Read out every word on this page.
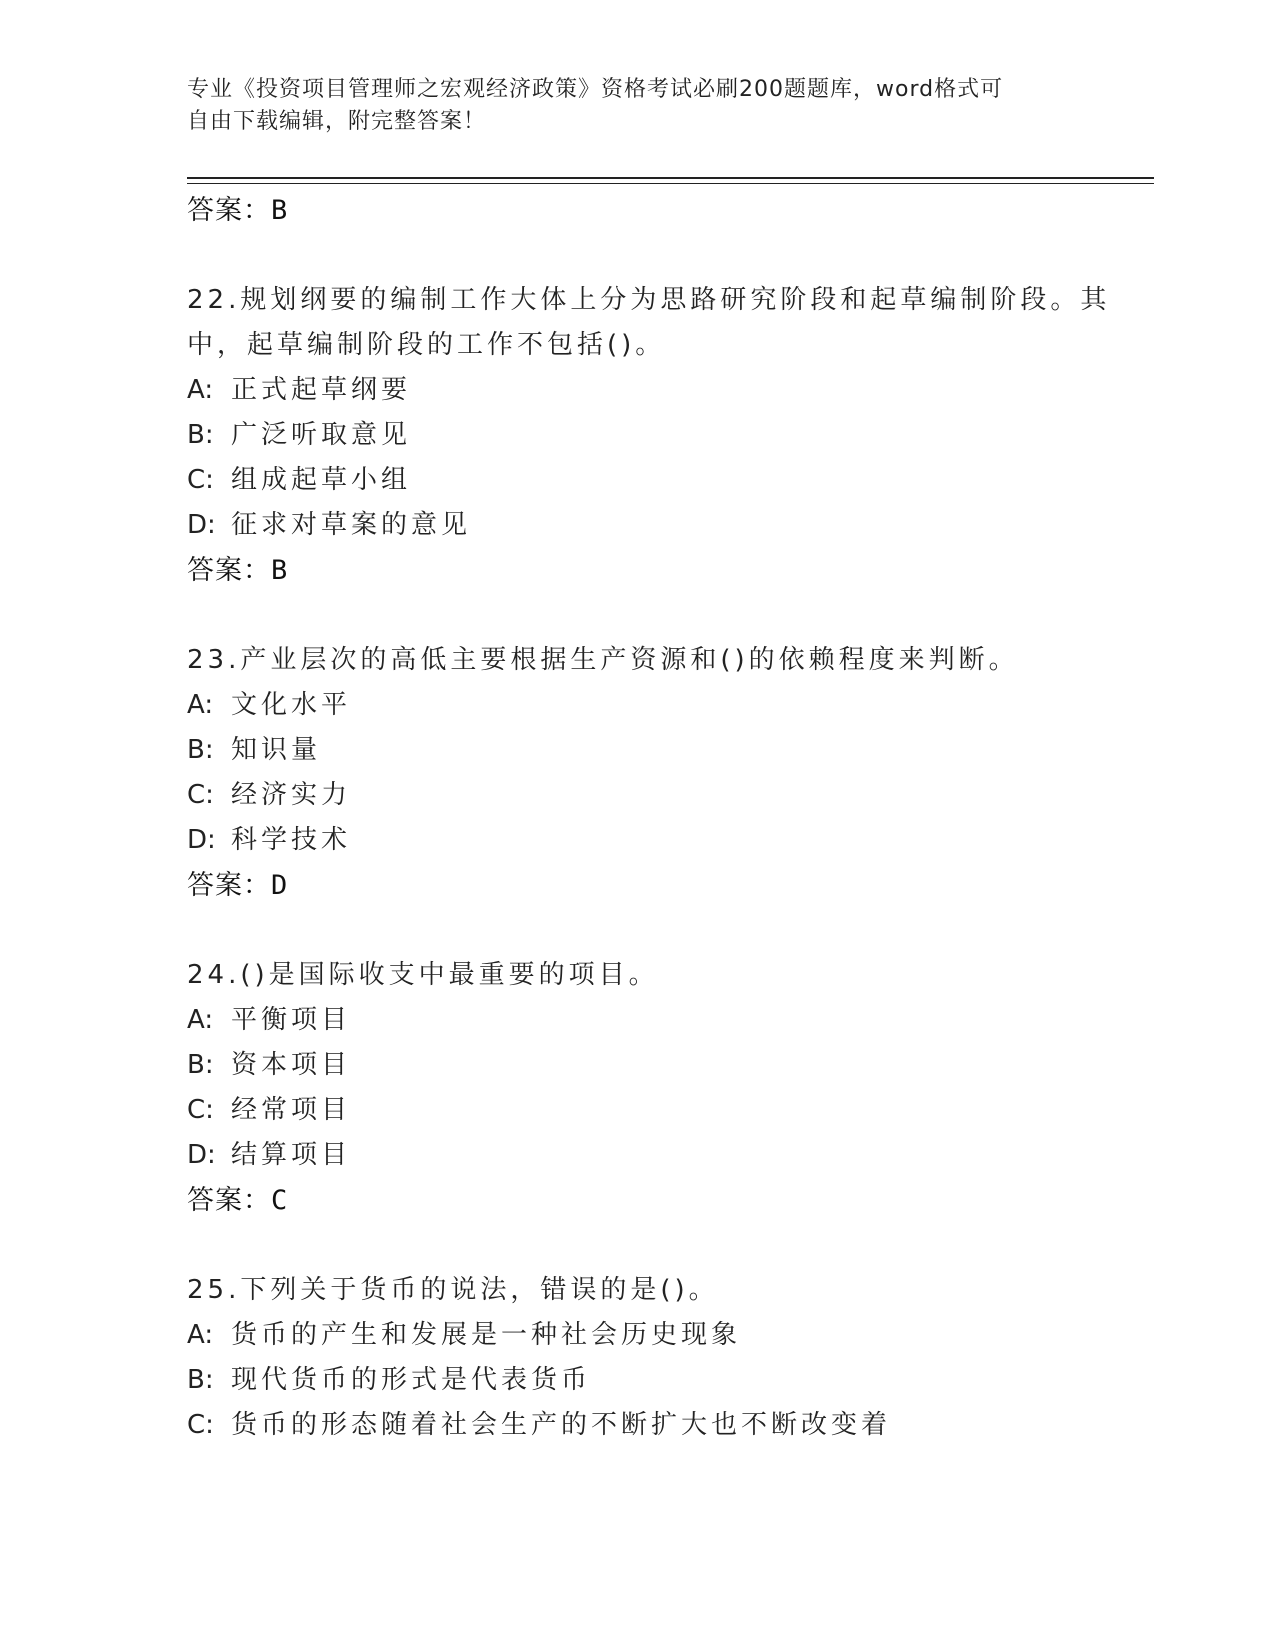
专业《投资项目管理师之宏观经济政策》资格考试必刷200题题库，word格式可
自由下载编辑，附完整答案！
答案：B
22.规划纲要的编制工作大体上分为思路研究阶段和起草编制阶段。其中，起草编制阶段的工作不包括()。
A: 正式起草纲要
B: 广泛听取意见
C: 组成起草小组
D: 征求对草案的意见
答案：B
23.产业层次的高低主要根据生产资源和()的依赖程度来判断。
A: 文化水平
B: 知识量
C: 经济实力
D: 科学技术
答案：D
24.()是国际收支中最重要的项目。
A: 平衡项目
B: 资本项目
C: 经常项目
D: 结算项目
答案：C
25.下列关于货币的说法，错误的是()。
A: 货币的产生和发展是一种社会历史现象
B: 现代货币的形式是代表货币
C: 货币的形态随着社会生产的不断扩大也不断改变着
